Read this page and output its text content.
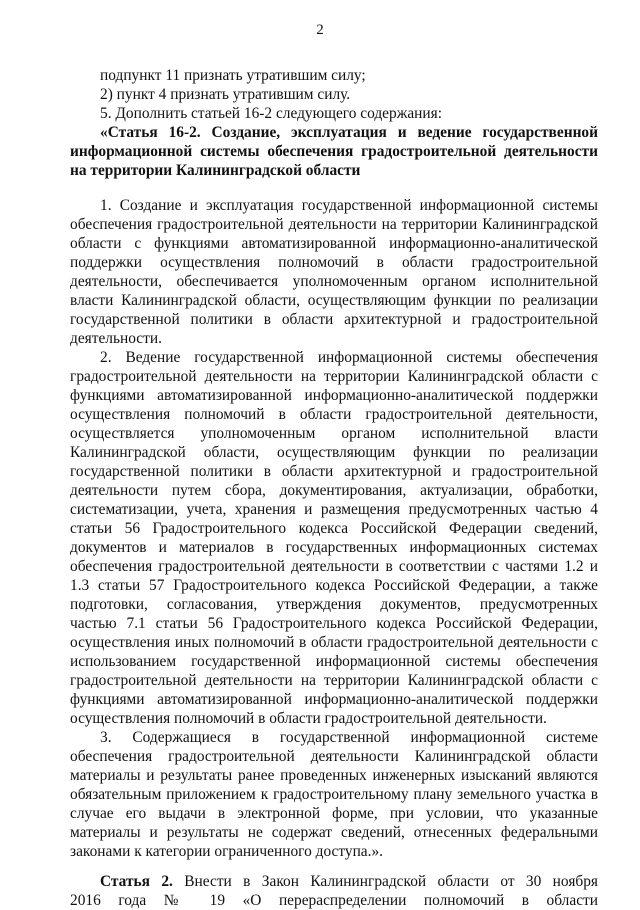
2
подпункт 11 признать утратившим силу;
2) пункт 4 признать утратившим силу.
5. Дополнить статьей 16-2 следующего содержания:
«Статья 16-2. Создание, эксплуатация и ведение государственной
информационной системы обеспечения градостроительной деятельности
на территории Калининградской области
1. Создание и эксплуатация государственной информационной системы
обеспечения градостроительной деятельности на территории Калининградской
области с функциями автоматизированной информационно-аналитической
поддержки осуществления полномочий в области градостроительной
деятельности, обеспечивается уполномоченным органом исполнительной
власти Калининградской области, осуществляющим функции по реализации
государственной политики в области архитектурной и градостроительной
деятельности.
2. Ведение государственной информационной системы обеспечения
градостроительной деятельности на территории Калининградской области с
функциями автоматизированной информационно-аналитической поддержки
осуществления полномочий в области градостроительной деятельности,
осуществляется уполномоченным органом исполнительной власти
Калининградской области, осуществляющим функции по реализации
государственной политики в области архитектурной и градостроительной
деятельности путем сбора, документирования, актуализации, обработки,
систематизации, учета, хранения и размещения предусмотренных частью 4
статьи 56 Градостроительного кодекса Российской Федерации сведений,
документов и материалов в государственных информационных системах
обеспечения градостроительной деятельности в соответствии с частями 1.2 и
1.3 статьи 57 Градостроительного кодекса Российской Федерации, а также
подготовки, согласования, утверждения документов, предусмотренных
частью 7.1 статьи 56 Градостроительного кодекса Российской Федерации,
осуществления иных полномочий в области градостроительной деятельности с
использованием государственной информационной системы обеспечения
градостроительной деятельности на территории Калининградской области с
функциями автоматизированной информационно-аналитической поддержки
осуществления полномочий в области градостроительной деятельности.
3. Содержащиеся в государственной информационной системе
обеспечения градостроительной деятельности Калининградской области
материалы и результаты ранее проведенных инженерных изысканий являются
обязательным приложением к градостроительному плану земельного участка в
случае его выдачи в электронной форме, при условии, что указанные
материалы и результаты не содержат сведений, отнесенных федеральными
законами к категории ограниченного доступа.».
Статья 2. Внести в Закон Калининградской области от 30 ноября
2016 года № 19 «О перераспределении полномочий в области
